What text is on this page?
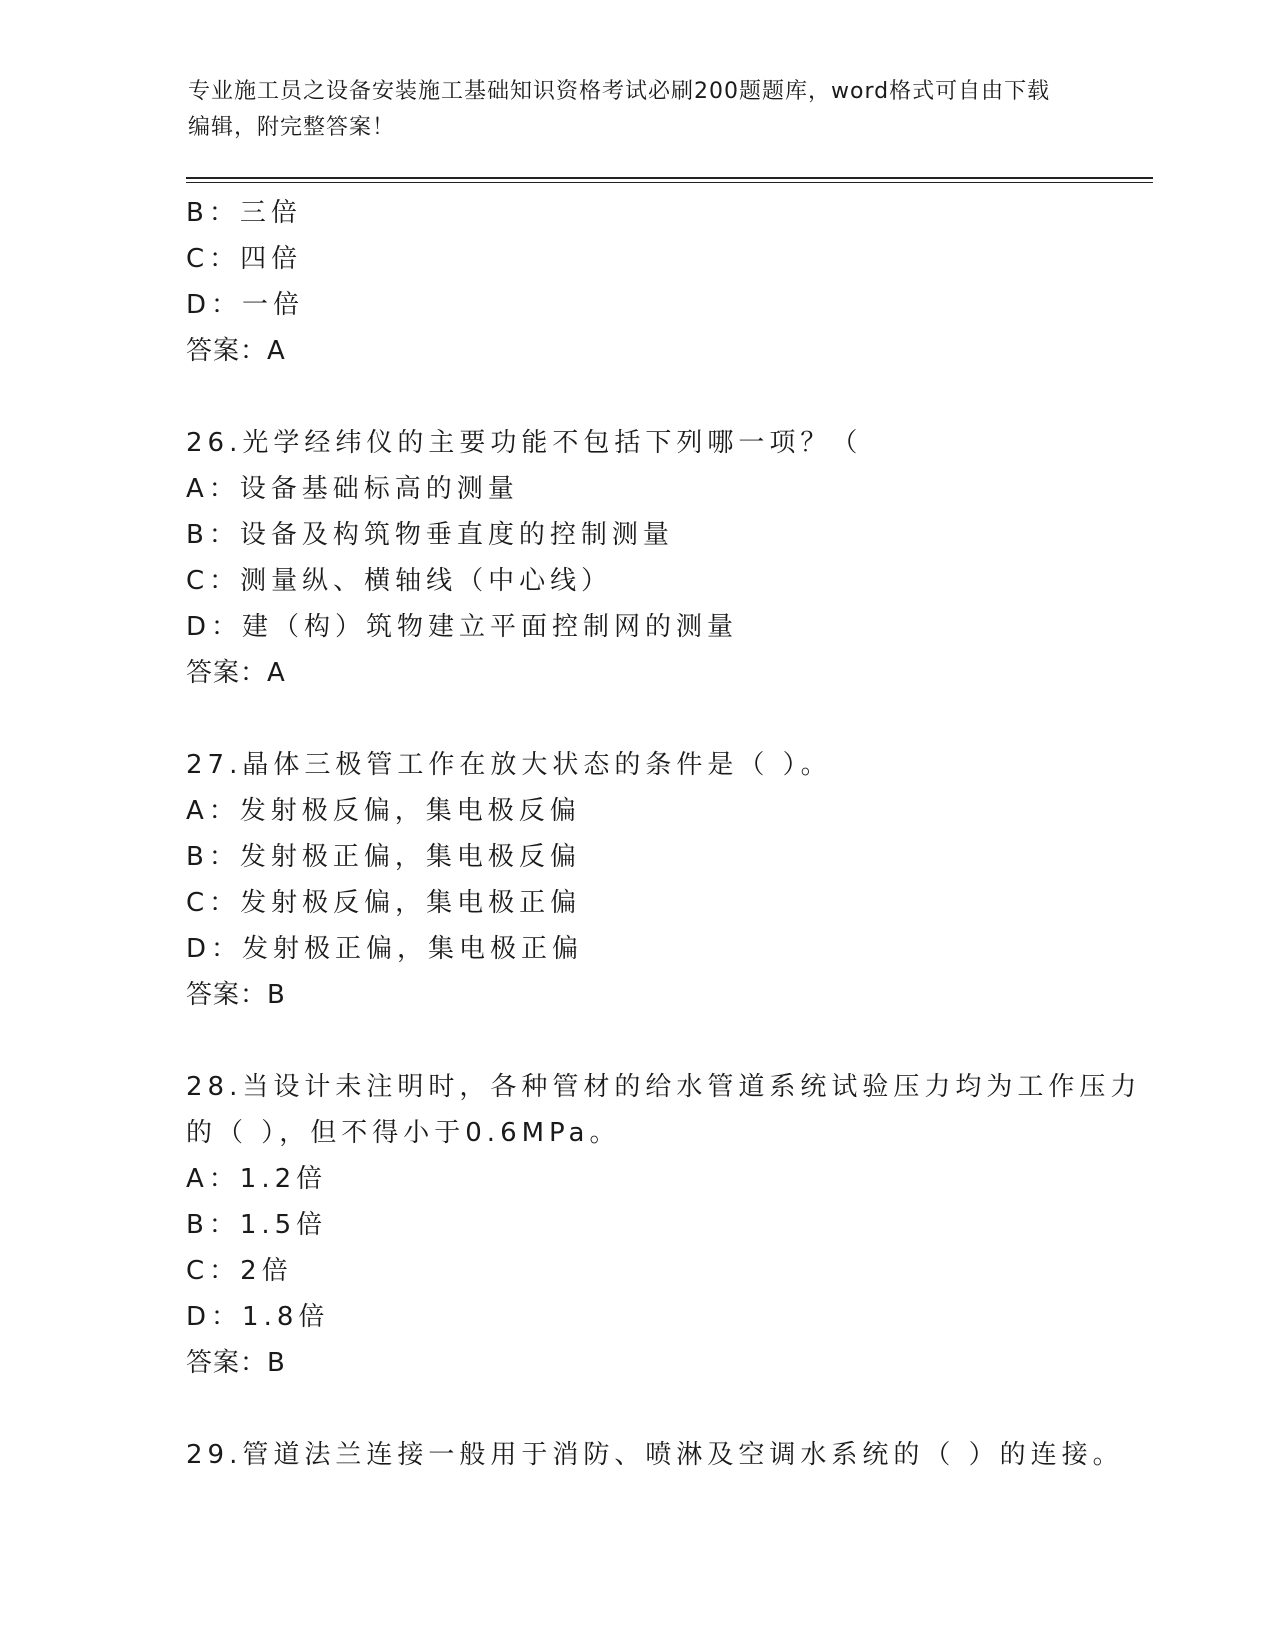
专业施工员之设备安装施工基础知识资格考试必刷200题题库，word格式可自由下载编辑，附完整答案！
B：三倍
C：四倍
D：一倍
答案：A
26.光学经纬仪的主要功能不包括下列哪一项？（
A：设备基础标高的测量
B：设备及构筑物垂直度的控制测量
C：测量纵、横轴线（中心线）
D：建（构）筑物建立平面控制网的测量
答案：A
27.晶体三极管工作在放大状态的条件是（ ）。
A：发射极反偏，集电极反偏
B：发射极正偏，集电极反偏
C：发射极反偏，集电极正偏
D：发射极正偏，集电极正偏
答案：B
28.当设计未注明时，各种管材的给水管道系统试验压力均为工作压力
的（ ），但不得小于0.6MPa。
A：1.2倍
B：1.5倍
C：2倍
D：1.8倍
答案：B
29.管道法兰连接一般用于消防、喷淋及空调水系统的（ ）的连接。
